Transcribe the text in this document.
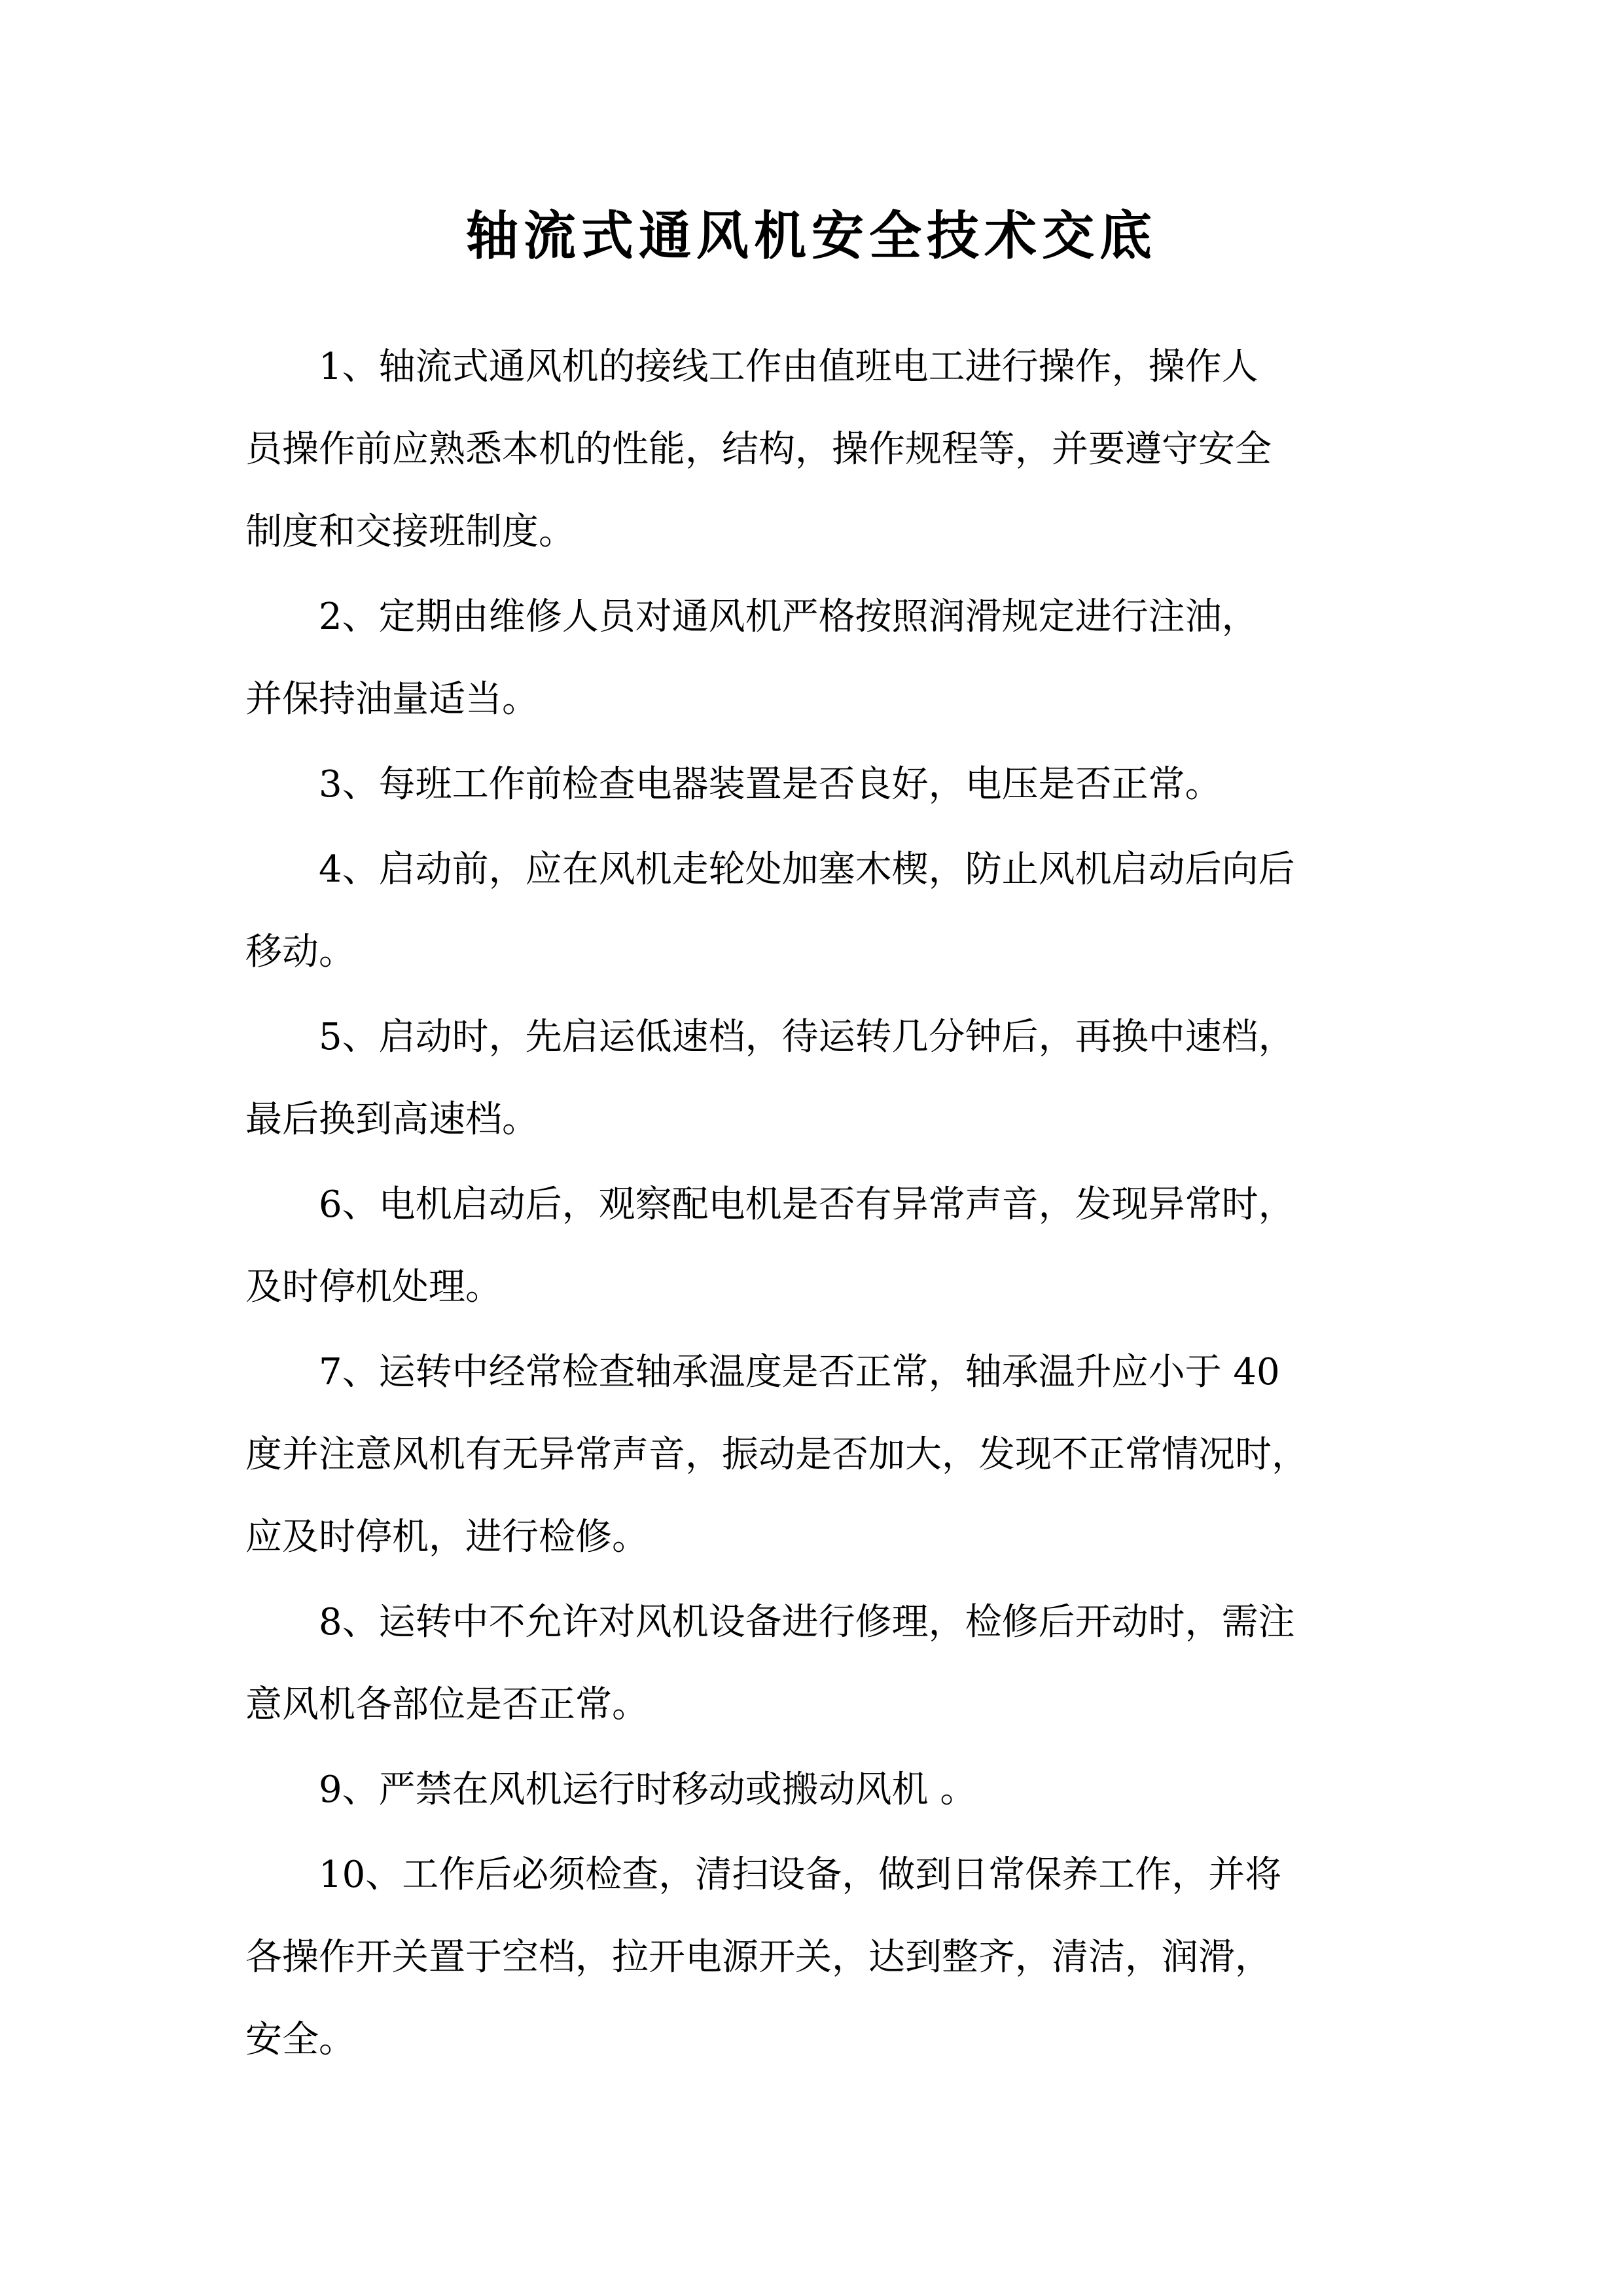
轴流式通风机安全技术交底

1、轴流式通风机的接线工作由值班电工进行操作，操作人
员操作前应熟悉本机的性能，结构，操作规程等，并要遵守安全
制度和交接班制度。

2、定期由维修人员对通风机严格按照润滑规定进行注油，
并保持油量适当。

3、每班工作前检查电器装置是否良好，电压是否正常。

4、启动前，应在风机走轮处加塞木楔，防止风机启动后向后
移动。

5、启动时，先启运低速档，待运转几分钟后，再换中速档，
最后换到高速档。

6、电机启动后，观察配电机是否有异常声音，发现异常时，
及时停机处理。

7、运转中经常检查轴承温度是否正常，轴承温升应小于 40
度并注意风机有无异常声音，振动是否加大，发现不正常情况时，
应及时停机，进行检修。

8、运转中不允许对风机设备进行修理，检修后开动时，需注
意风机各部位是否正常。

9、严禁在风机运行时移动或搬动风机 。

10、工作后必须检查，清扫设备，做到日常保养工作，并将
各操作开关置于空档，拉开电源开关，达到整齐，清洁，润滑，
安全。
